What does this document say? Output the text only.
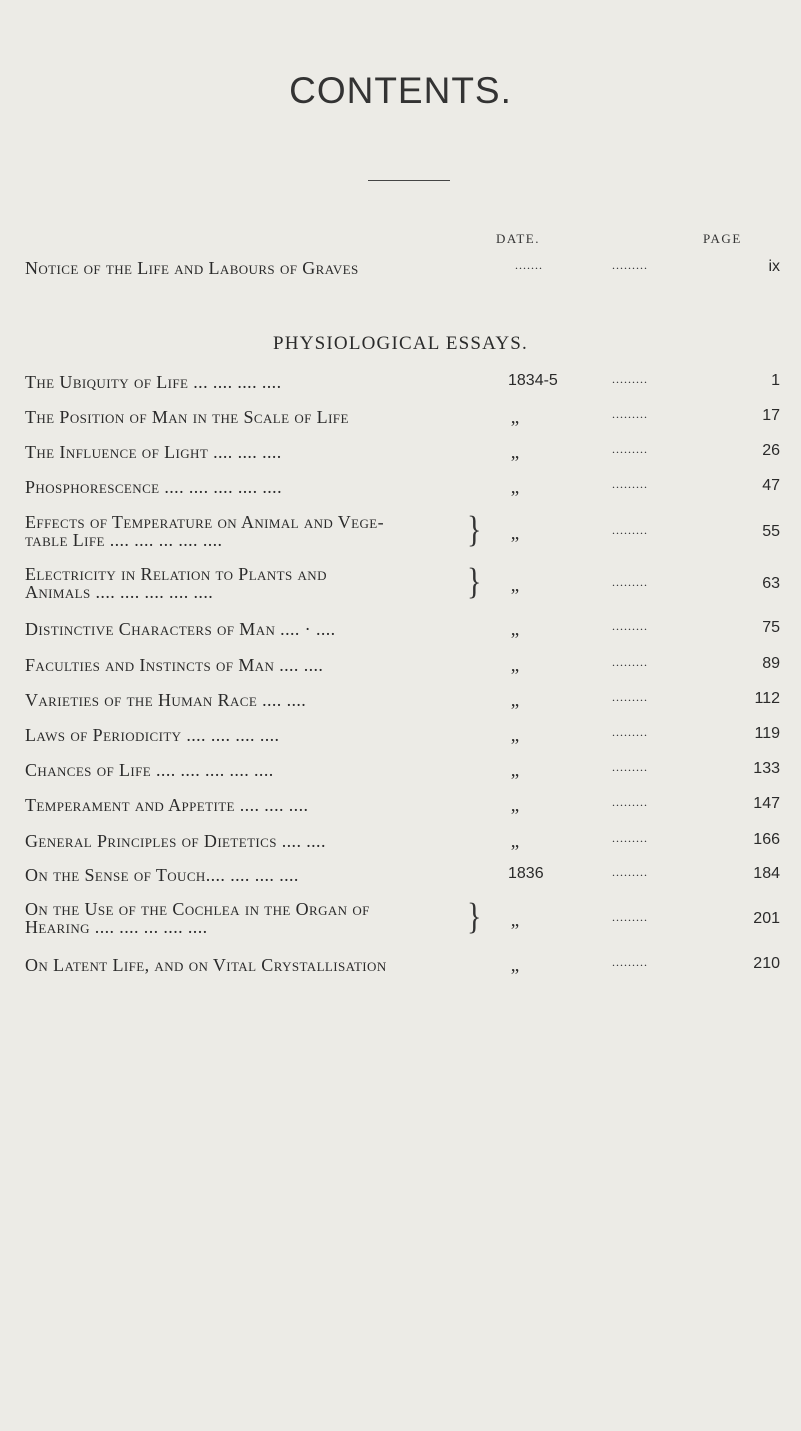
CONTENTS.
DATE.	PAGE
Notice of the Life and Labours of Graves	.......	.........	ix
PHYSIOLOGICAL ESSAYS.
The Ubiquity of Life ... .... .... ....	1834-5	.........	1
The Position of Man in the Scale of Life	„	.........	17
The Influence of Light .... .... ....	„	.........	26
Phosphorescence .... .... .... .... ....	„	.........	47
}
Effects of Temperature on Animal and Vege-
table Life .... .... ... .... ....	„	.........	55
}
Electricity in Relation to Plants and
Animals .... .... .... .... ....	„	.........	63
Distinctive Characters of Man .... · ....	„	.........	75
Faculties and Instincts of Man .... ....	„	.........	89
Varieties of the Human Race .... ....	„	.........	112
Laws of Periodicity .... .... .... ....	„	.........	119
Chances of Life .... .... .... .... ....	„	.........	133
Temperament and Appetite .... .... ....	„	.........	147
General Principles of Dietetics .... ....	„	.........	166
On the Sense of Touch.... .... .... ....	1836	.........	184
}
On the Use of the Cochlea in the Organ of
Hearing .... .... ... .... ....	„	.........	201
On Latent Life, and on Vital Crystallisation	„	.........	210
